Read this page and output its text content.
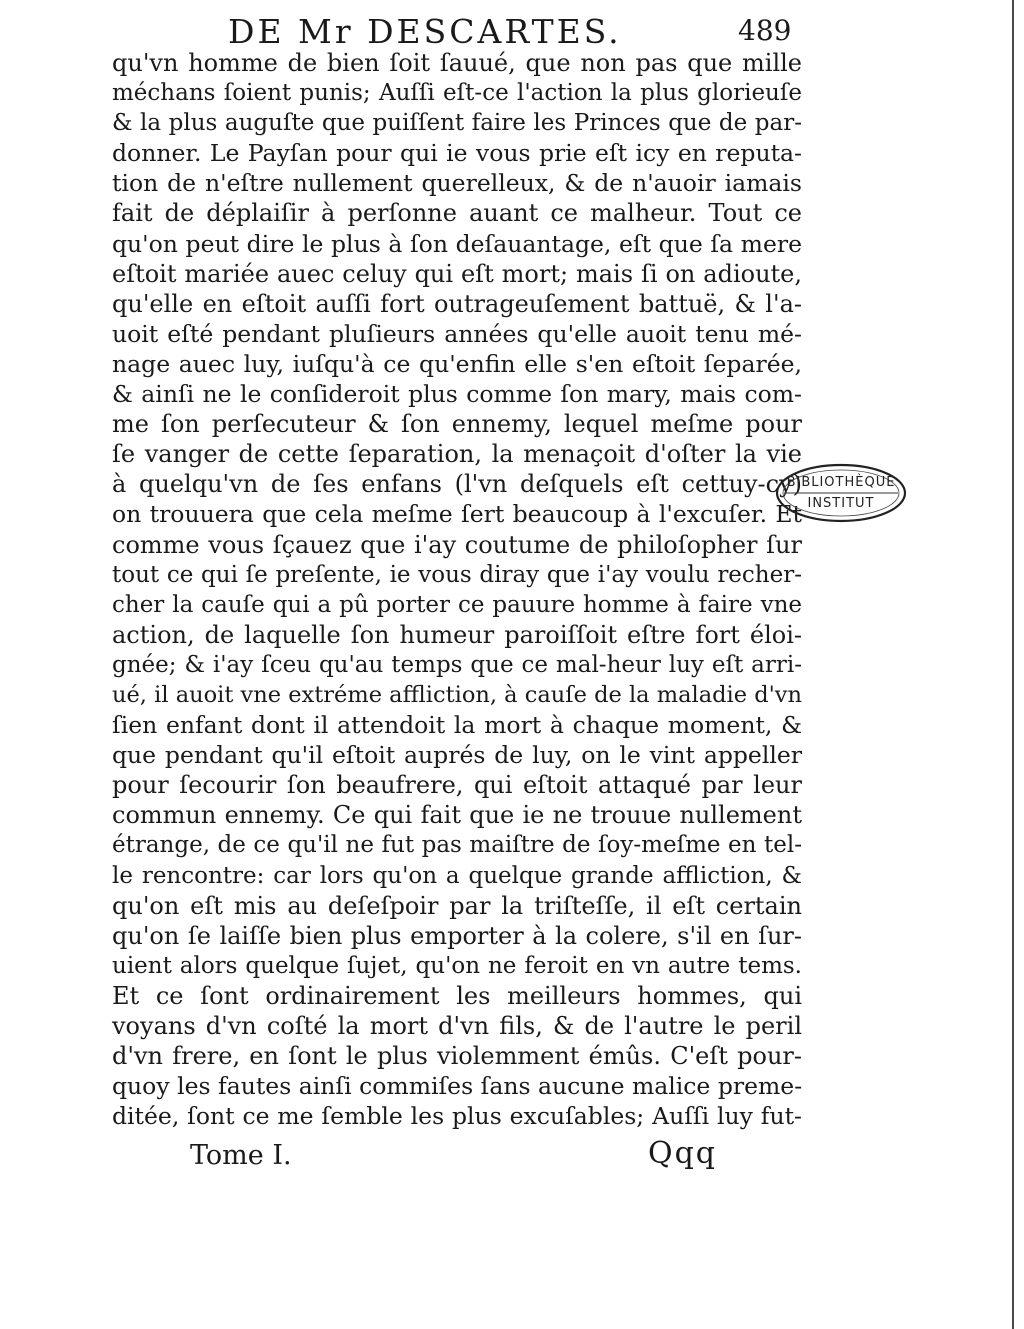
DE Mr DESCARTES.	489
qu'vn homme de bien ſoit ſauué, que non pas que mille
méchans ſoient punis; Auſſi eſt-ce l'action la plus glorieuſe
& la plus auguſte que puiſſent faire les Princes que de par-
donner. Le Payſan pour qui ie vous prie eſt icy en reputa-
tion de n'eſtre nullement querelleux, & de n'auoir iamais
fait de déplaiſir à perſonne auant ce malheur. Tout ce
qu'on peut dire le plus à ſon deſauantage, eſt que ſa mere
eſtoit mariée auec celuy qui eſt mort; mais ſi on adioute,
qu'elle en eſtoit auſſi fort outrageuſement battuë, & l'a-
uoit eſté pendant pluſieurs années qu'elle auoit tenu mé-
nage auec luy, iuſqu'à ce qu'enfin elle s'en eſtoit ſeparée,
& ainſi ne le conſideroit plus comme ſon mary, mais com-
me ſon perſecuteur & ſon ennemy, lequel meſme pour
ſe vanger de cette ſeparation, la menaçoit d'oſter la vie
à quelqu'vn de ſes enfans (l'vn deſquels eſt cettuy-cy)
on trouuera que cela meſme ſert beaucoup à l'excuſer. Et
comme vous ſçauez que i'ay coutume de philoſopher ſur
tout ce qui ſe preſente, ie vous diray que i'ay voulu recher-
cher la cauſe qui a pû porter ce pauure homme à faire vne
action, de laquelle ſon humeur paroiſſoit eſtre fort éloi-
gnée; & i'ay ſceu qu'au temps que ce mal-heur luy eſt arri-
ué, il auoit vne extréme affliction, à cauſe de la maladie d'vn
ſien enfant dont il attendoit la mort à chaque moment, &
que pendant qu'il eſtoit auprés de luy, on le vint appeller
pour ſecourir ſon beaufrere, qui eſtoit attaqué par leur
commun ennemy. Ce qui fait que ie ne trouue nullement
étrange, de ce qu'il ne fut pas maiſtre de ſoy-meſme en tel-
le rencontre: car lors qu'on a quelque grande affliction, &
qu'on eſt mis au deſeſpoir par la triſteſſe, il eſt certain
qu'on ſe laiſſe bien plus emporter à la colere, s'il en ſur-
uient alors quelque ſujet, qu'on ne feroit en vn autre tems.
Et ce ſont ordinairement les meilleurs hommes, qui
voyans d'vn coſté la mort d'vn fils, & de l'autre le peril
d'vn frere, en ſont le plus violemment émûs. C'eſt pour-
quoy les fautes ainſi commiſes ſans aucune malice preme-
ditée, ſont ce me ſemble les plus excuſables; Auſſi luy fut-
Tome I.	Qqq
BIBLIOTHÈQUE
INSTITUT
